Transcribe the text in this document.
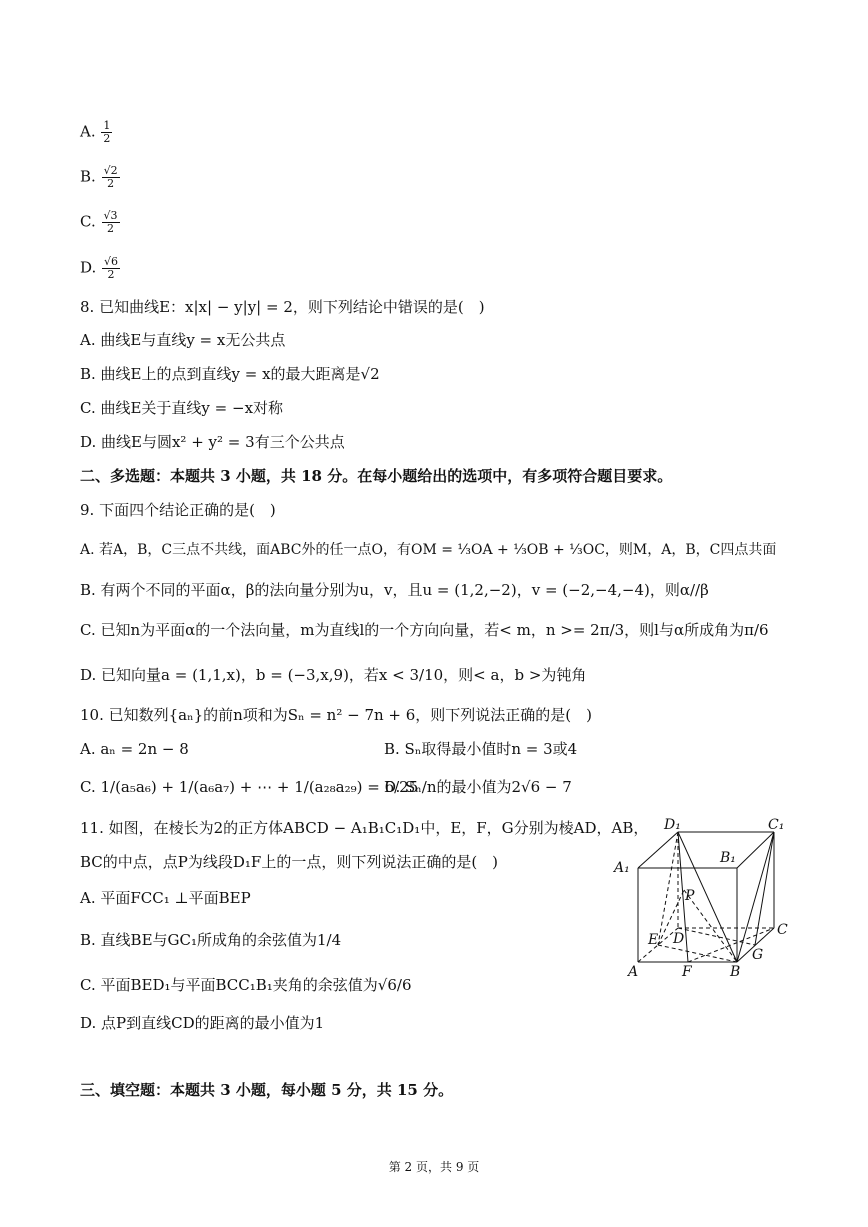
A. $\frac{1}{2}$
B. $\frac{√2}{2}$
C. $\frac{√3}{2}$
D. $\frac{√6}{2}$
8. 已知曲线E：x|x| − y|y| = 2，则下列结论中错误的是(　)
A. 曲线E与直线y = x无公共点
B. 曲线E上的点到直线y = x的最大距离是√2
C. 曲线E关于直线y = −x对称
D. 曲线E与圆x² + y² = 3有三个公共点
二、多选题：本题共 3 小题，共 18 分。在每小题给出的选项中，有多项符合题目要求。
9. 下面四个结论正确的是(　)
A. 若A，B，C三点不共线，面ABC外的任一点O，有OM = ⅓OA + ⅓OB + ⅓OC，则M，A，B，C四点共面
B. 有两个不同的平面α，β的法向量分别为u，v，且u = (1,2,−2)，v = (−2,−4,−4)，则α//β
C. 已知n为平面α的一个法向量，m为直线l的一个方向向量，若< m，n >= 2π/3，则l与α所成角为π/6
D. 已知向量a = (1,1,x)，b = (−3,x,9)，若x < 3/10，则< a，b >为钝角
10. 已知数列{aₙ}的前n项和为Sₙ = n² − 7n + 6，则下列说法正确的是(　)
A. aₙ = 2n − 8	B. Sₙ取得最小值时n = 3或4
C. 1/(a₅a₆) + 1/(a₆a₇) + ⋯ + 1/(a₂₈a₂₉) = 6/25
D. Sₙ/n的最小值为2√6 − 7
11. 如图，在棱长为2的正方体ABCD − A₁B₁C₁D₁中，E，F，G分别为棱AD，AB，
BC的中点，点P为线段D₁F上的一点，则下列说法正确的是(　)
A. 平面FCC₁ ⊥平面BEP
B. 直线BE与GC₁所成角的余弦值为1/4
C. 平面BED₁与平面BCC₁B₁夹角的余弦值为√6/6
D. 点P到直线CD的距离的最小值为1
D₁	C₁
A₁
B₁
P
E D
C
A	F	B
G
三、填空题：本题共 3 小题，每小题 5 分，共 15 分。
第 2 页，共 9 页
